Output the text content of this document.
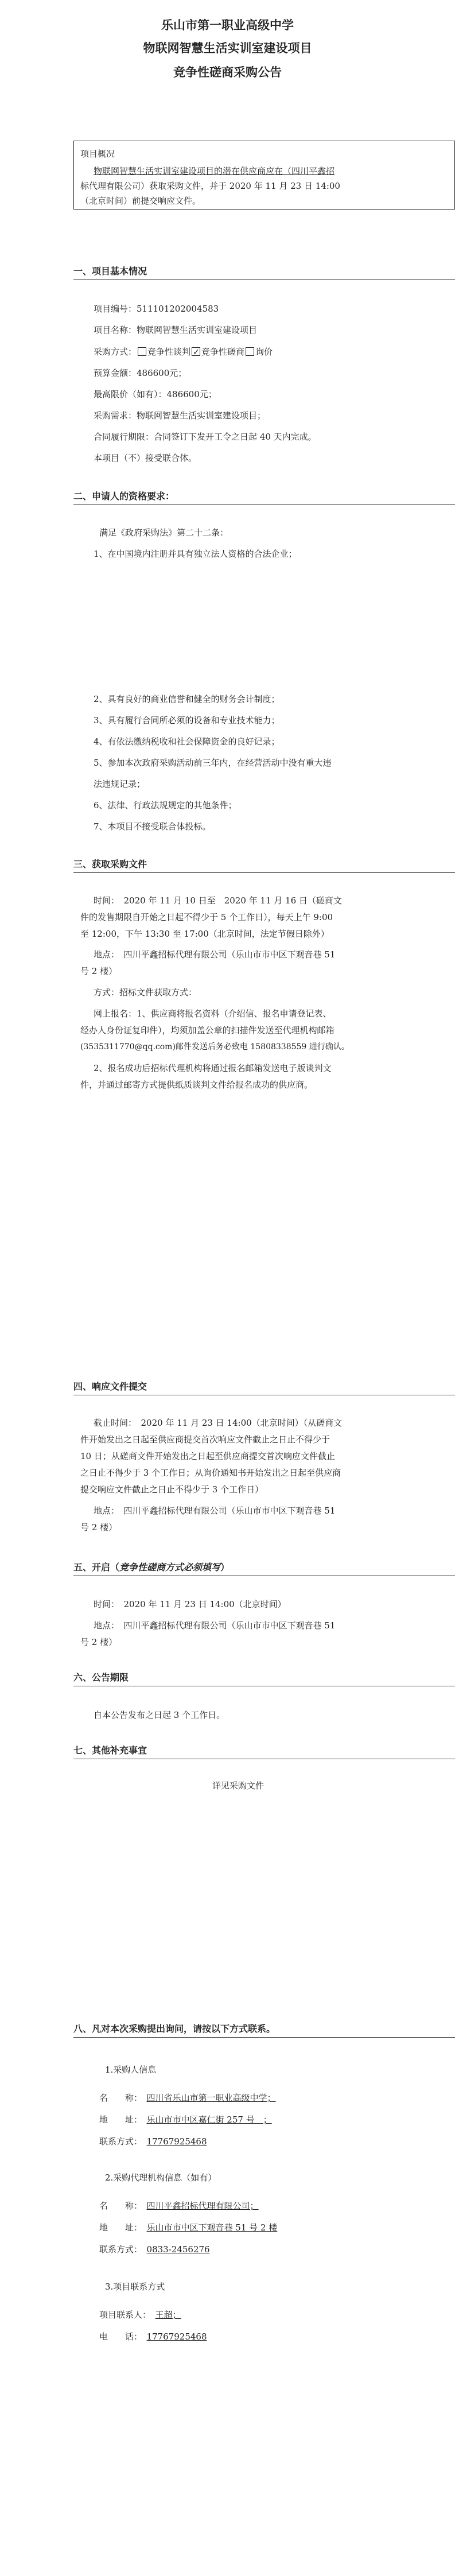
乐山市第一职业高级中学
物联网智慧生活实训室建设项目
竞争性磋商采购公告
项目概况
物联网智慧生活实训室建设项目的潜在供应商应在（四川平鑫招
标代理有限公司）获取采购文件，并于 2020 年 11 月 23 日 14:00
（北京时间）前提交响应文件。
一、项目基本情况
项目编号：511101202004583
项目名称：物联网智慧生活实训室建设项目
采购方式： 竞争性谈判✓ 竞争性磋商 询价
预算金额：486600元；
最高限价（如有）：486600元；
采购需求：物联网智慧生活实训室建设项目；
合同履行期限：合同签订下发开工令之日起 40 天内完成。
本项目（不）接受联合体。
二、申请人的资格要求：
满足《政府采购法》第二十二条：
1、在中国境内注册并具有独立法人资格的合法企业；
2、具有良好的商业信誉和健全的财务会计制度；
3、具有履行合同所必须的设备和专业技术能力；
4、有依法缴纳税收和社会保障资金的良好记录；
5、参加本次政府采购活动前三年内，在经营活动中没有重大违
法违规记录；
6、法律、行政法规规定的其他条件；
7、本项目不接受联合体投标。
三、获取采购文件
时间：　2020 年 11 月 10 日至　2020 年 11 月 16 日（磋商文
件的发售期限自开始之日起不得少于 5 个工作日），每天上午 9:00
至 12:00，下午 13:30 至 17:00（北京时间，法定节假日除外）
地点：　四川平鑫招标代理有限公司（乐山市市中区下观音巷 51
号 2 楼）
方式：招标文件获取方式：
网上报名：1、供应商将报名资料（介绍信、报名申请登记表、
经办人身份证复印件），均须加盖公章的扫描件发送至代理机构邮箱
(3535311770@qq.com)邮件发送后务必致电 15808338559 进行确认。
2、报名成功后招标代理机构将通过报名邮箱发送电子版谈判文
件，并通过邮寄方式提供纸质谈判文件给报名成功的供应商。
四、响应文件提交
截止时间：　2020 年 11 月 23 日 14:00（北京时间）（从磋商文
件开始发出之日起至供应商提交首次响应文件截止之日止不得少于
10 日；从磋商文件开始发出之日起至供应商提交首次响应文件截止
之日止不得少于 3 个工作日；从询价通知书开始发出之日起至供应商
提交响应文件截止之日止不得少于 3 个工作日）
地点：　四川平鑫招标代理有限公司（乐山市市中区下观音巷 51
号 2 楼）
五、开启（竞争性磋商方式必须填写）
时间：　2020 年 11 月 23 日 14:00（北京时间）
地点：　四川平鑫招标代理有限公司（乐山市市中区下观音巷 51
号 2 楼）
六、公告期限
自本公告发布之日起 3 个工作日。
七、其他补充事宜
详见采购文件
八、凡对本次采购提出询问，请按以下方式联系。
1.采购人信息
名　　称：　 四川省乐山市第一职业高级中学；
地　　址：　 乐山市市中区嘉仁街 257 号　；
联系方式：　 17767925468
2.采购代理机构信息（如有）
名　　称：　 四川平鑫招标代理有限公司；
地　　址：　 乐山市市中区下观音巷 51 号 2 楼
联系方式：　 0833-2456276
3.项目联系方式
项目联系人：　 王超；
电　　话：　 17767925468
